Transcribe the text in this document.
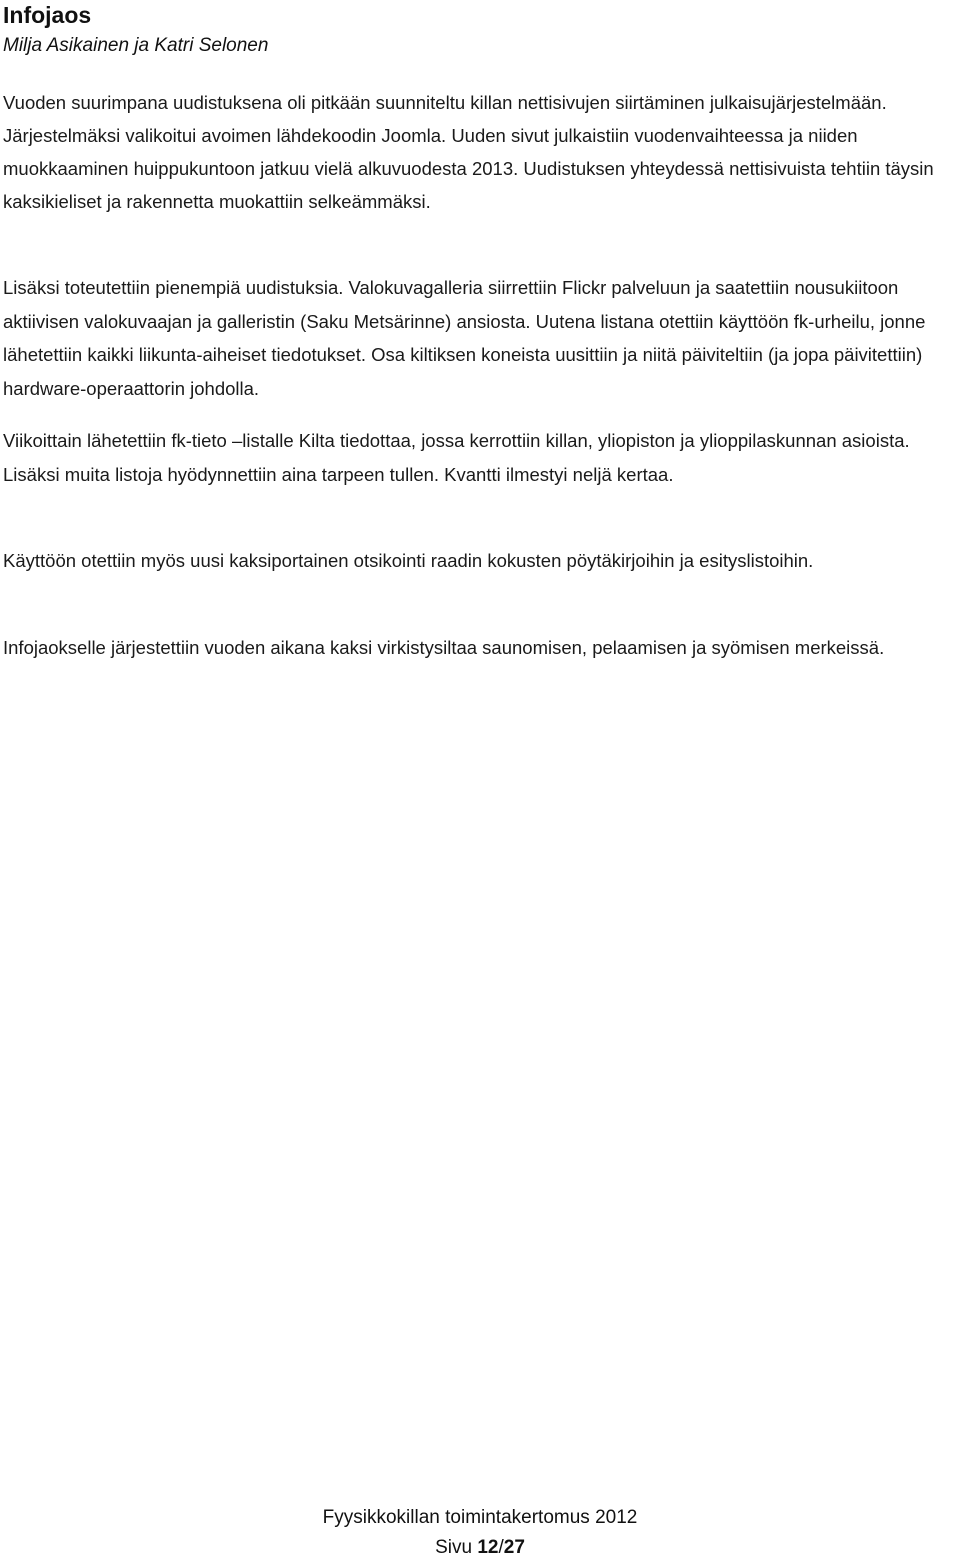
Infojaos
Milja Asikainen ja Katri Selonen

Vuoden suurimpana uudistuksena oli pitkään suunniteltu killan nettisivujen siirtäminen julkaisujärjestelmään. Järjestelmäksi valikoitui avoimen lähdekoodin Joomla. Uuden sivut julkaistiin vuodenvaihteessa ja niiden muokkaaminen huippukuntoon jatkuu vielä alkuvuodesta 2013. Uudistuksen yhteydessä nettisivuista tehtiin täysin kaksikieliset ja rakennetta muokattiin selkeämmäksi.

Lisäksi toteutettiin pienempiä uudistuksia. Valokuvagalleria siirrettiin Flickr palveluun ja saatettiin nousukiitoon aktiivisen valokuvaajan ja galleristin (Saku Metsärinne) ansiosta. Uutena listana otettiin käyttöön fk-urheilu, jonne lähetettiin kaikki liikunta-aiheiset tiedotukset. Osa kiltiksen koneista uusittiin ja niitä päiviteltiin (ja jopa päivitettiin) hardware-operaattorin johdolla.

Viikoittain lähetettiin fk-tieto –listalle Kilta tiedottaa, jossa kerrottiin killan, yliopiston ja ylioppilaskunnan asioista. Lisäksi muita listoja hyödynnettiin aina tarpeen tullen. Kvantti ilmestyi neljä kertaa.

Käyttöön otettiin myös uusi kaksiportainen otsikointi raadin kokusten pöytäkirjoihin ja esityslistoihin.

Infojaokselle järjestettiin vuoden aikana kaksi virkistysiltaa saunomisen, pelaamisen ja syömisen merkeissä.

Fyysikkokillan toimintakertomus 2012
Sivu 12/27
